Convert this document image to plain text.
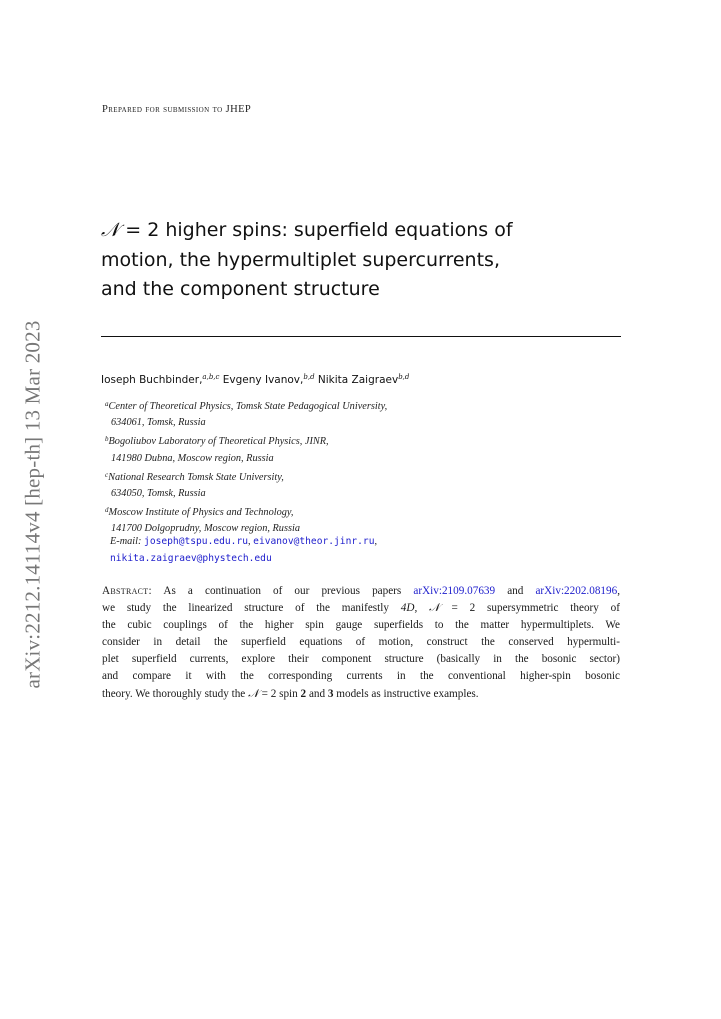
arXiv:2212.14114v4 [hep-th] 13 Mar 2023
Prepared for submission to JHEP
𝒩 = 2 higher spins: superfield equations of
motion, the hypermultiplet supercurrents,
and the component structure
Ioseph Buchbinder,$^{a,b,c}$ Evgeny Ivanov,$^{b,d}$ Nikita Zaigraev$^{b,d}$
$^a$Center of Theoretical Physics, Tomsk State Pedagogical University,
634061, Tomsk, Russia
$^b$Bogoliubov Laboratory of Theoretical Physics, JINR,
141980 Dubna, Moscow region, Russia
$^c$National Research Tomsk State University,
634050, Tomsk, Russia
$^d$Moscow Institute of Physics and Technology,
141700 Dolgoprudny, Moscow region, Russia
E-mail: joseph@tspu.edu.ru, eivanov@theor.jinr.ru,
nikita.zaigraev@phystech.edu
Abstract: As a continuation of our previous papers arXiv:2109.07639 and arXiv:2202.08196,
we study the linearized structure of the manifestly 4D, 𝒩 = 2 supersymmetric theory of
the cubic couplings of the higher spin gauge superfields to the matter hypermultiplets. We
consider in detail the superfield equations of motion, construct the conserved hypermulti-
plet superfield currents, explore their component structure (basically in the bosonic sector)
and compare it with the corresponding currents in the conventional higher-spin bosonic
theory. We thoroughly study the 𝒩 = 2 spin 2 and 3 models as instructive examples.
